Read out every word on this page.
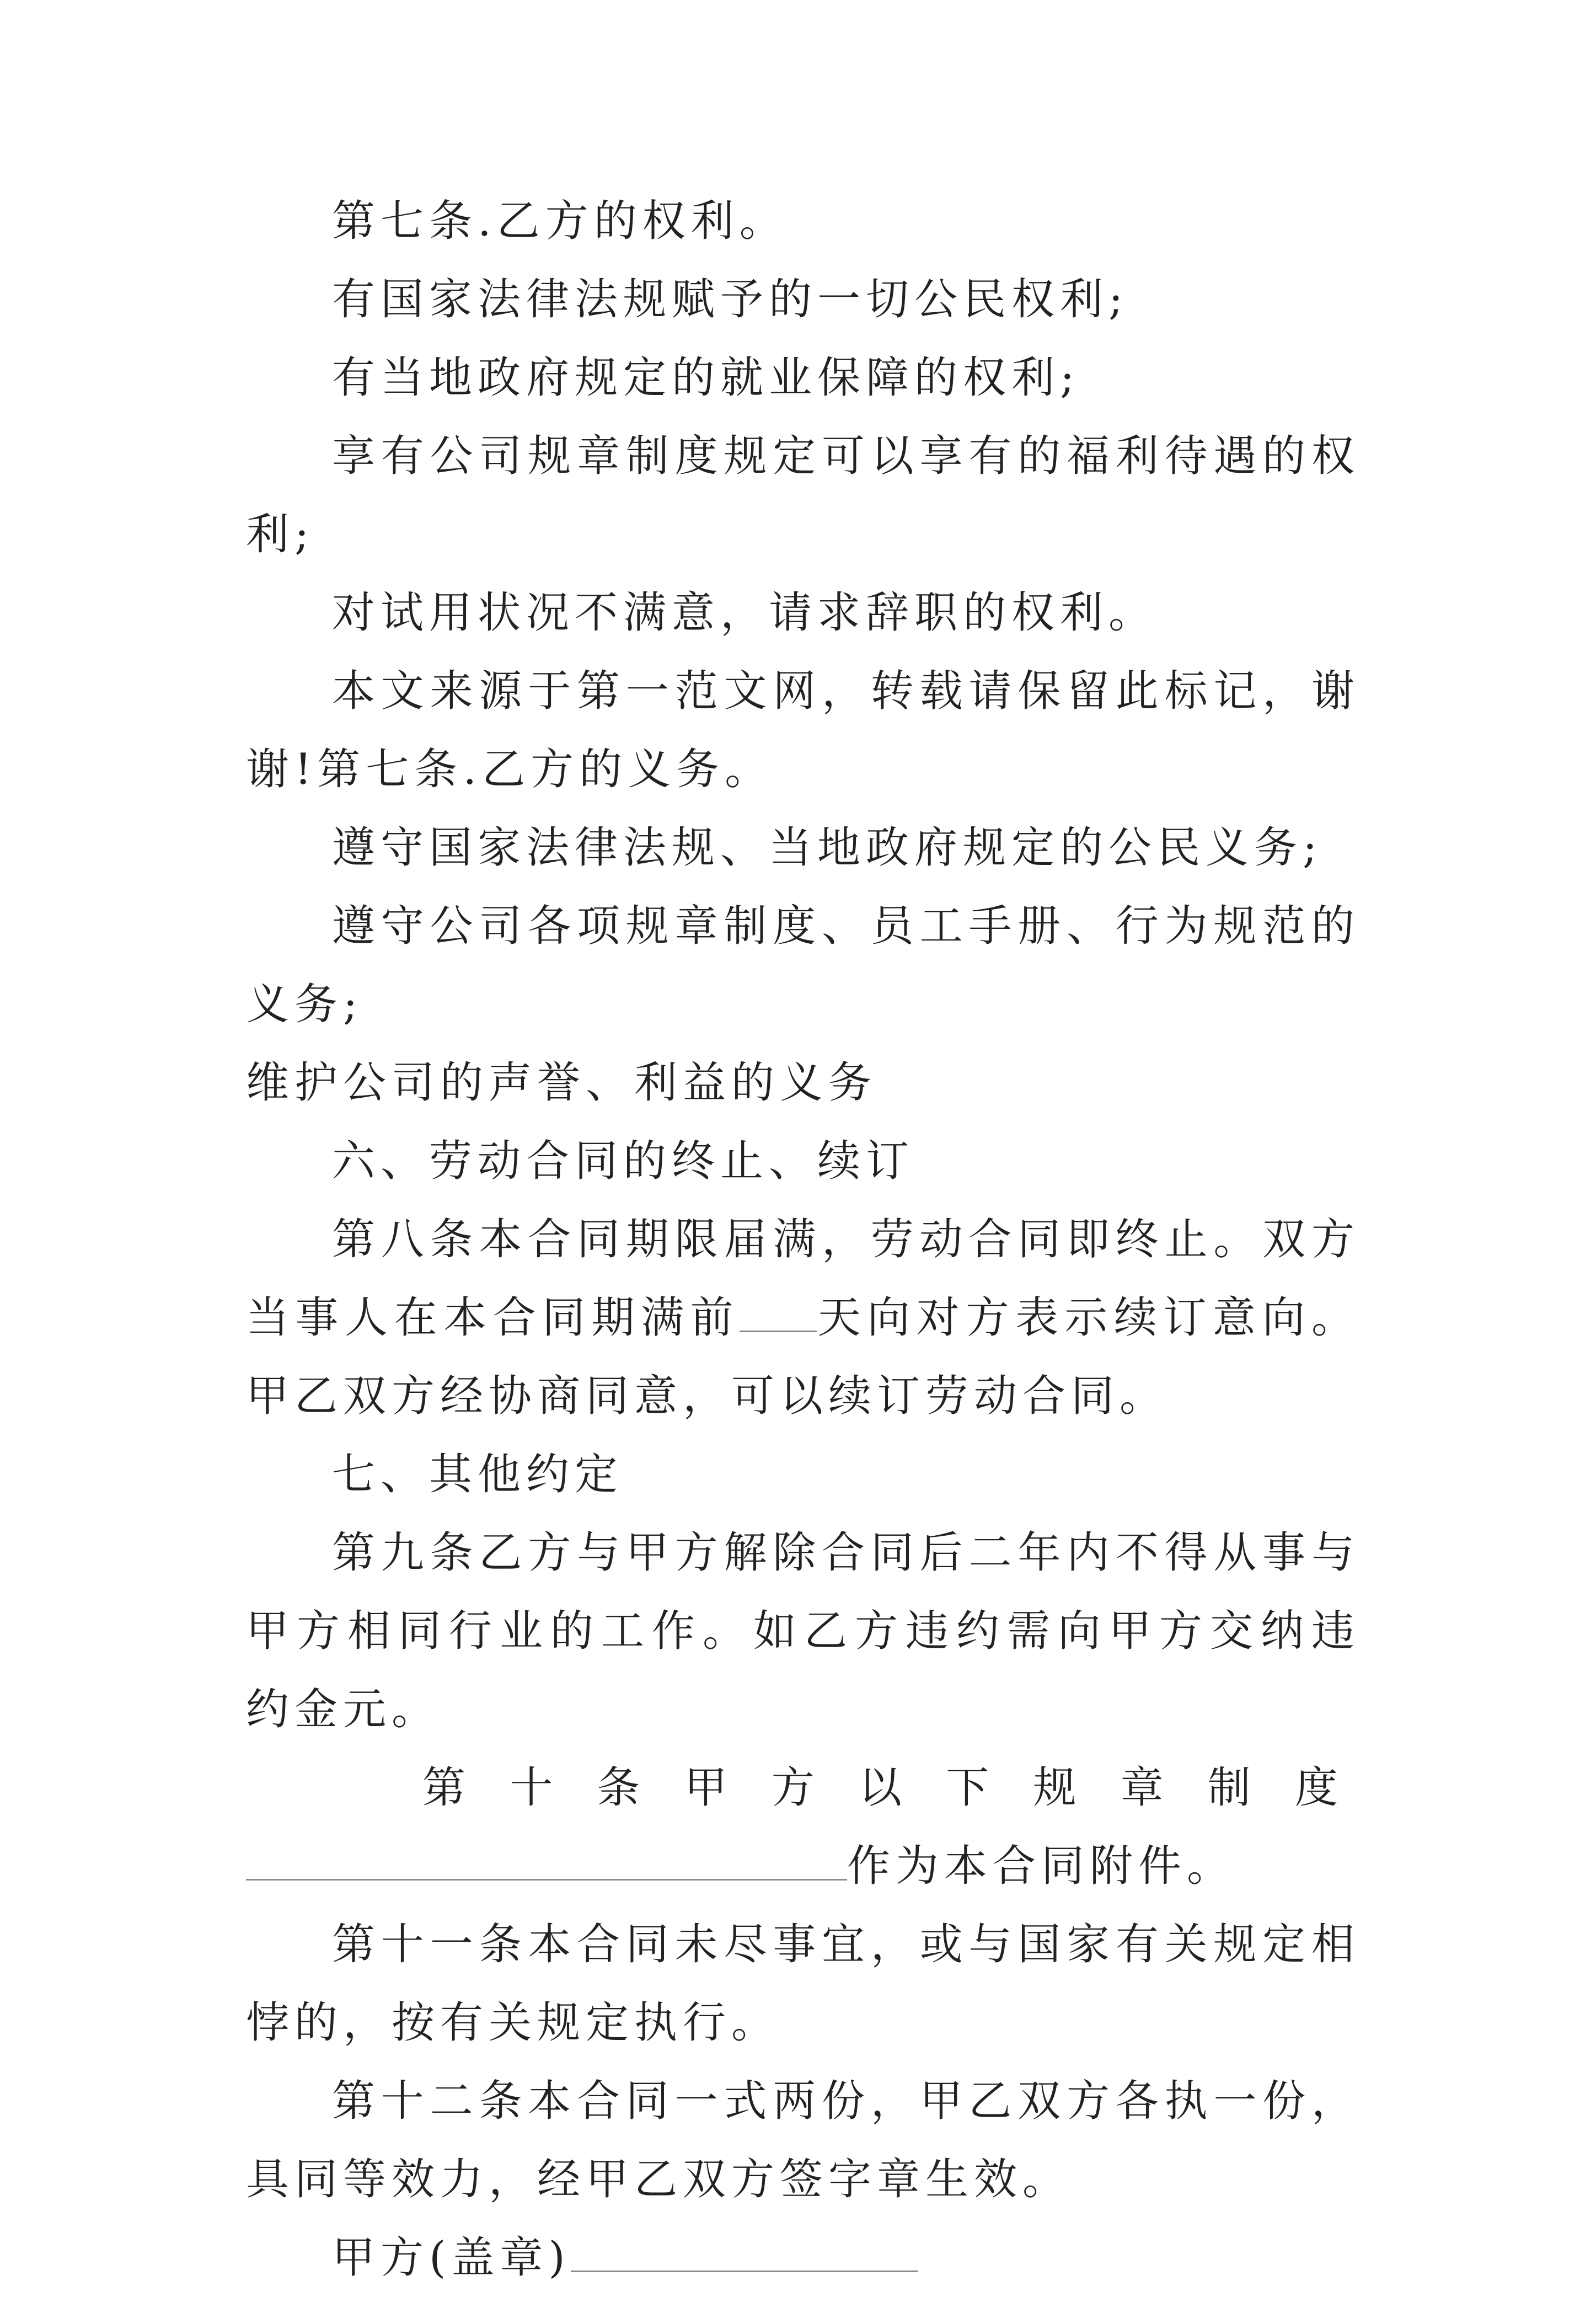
第七条.乙方的权利。

有国家法律法规赋予的一切公民权利;

有当地政府规定的就业保障的权利;

享有公司规章制度规定可以享有的福利待遇的权利;

对试用状况不满意，请求辞职的权利。

本文来源于第一范文网，转载请保留此标记，谢谢!第七条.乙方的义务。

遵守国家法律法规、当地政府规定的公民义务;

遵守公司各项规章制度、员工手册、行为规范的义务;

维护公司的声誉、利益的义务

六、劳动合同的终止、续订

第八条本合同期限届满，劳动合同即终止。双方当事人在本合同期满前 天向对方表示续订意向。甲乙双方经协商同意，可以续订劳动合同。

七、其他约定

第九条乙方与甲方解除合同后二年内不得从事与甲方相同行业的工作。如乙方违约需向甲方交纳违约金元。

第十条甲方以下规章制度

作为本合同附件。

第十一条本合同未尽事宜，或与国家有关规定相悖的，按有关规定执行。

第十二条本合同一式两份，甲乙双方各执一份，具同等效力，经甲乙双方签字章生效。

甲方(盖章)
